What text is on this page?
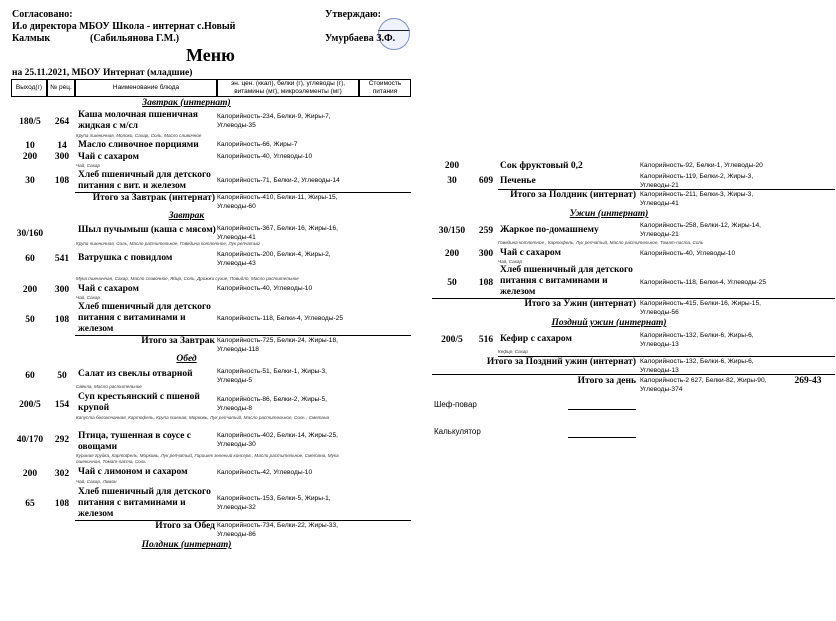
Согласовано:
И.о директора МБОУ Школа - интернат с.Новый
Калмык	(Сабильянова Г.М.)
Утверждаю:
Умурбаева З.Ф.
Меню
на 25.11.2021, МБОУ Интернат (младшие)
Выход(г)	№ рец.	Наименование блюда
эн. цен. (ккал), белки (г), углеводы (г), витамины (мг), микроэлементы (мг)
Стоимость питания
Завтрак (интернат)
180/5	264
Каша молочная пшеничная жидкая с м/сл
Крупа пшеничная, Молоко, Сахар, Соль, Масло сливочное
Калорийность-234, Белки-9, Жиры-7, Углеводы-35
10	14	Масло сливочное порциями	Калорийность-66, Жиры-7
200	300 Чай с сахаром
Чай, Сахар
Калорийность-40, Углеводы-10
30	108
Хлеб пшеничный для детского питания с вит. и железом
Калорийность-71, Белки-2, Углеводы-14
Итого за Завтрак (интернат) Калорийность-410, Белки-11, Жиры-15, Углеводы-60
Завтрак
30/160	Шыл пучымыш (каша с мясом)
Крупа пшеничная, Соль, Масло растительное, Говядина котлетное, Лук репчатый
Калорийность-367, Белки-16, Жиры-16, Углеводы-41
60	541 Ватрушка с повидлом
Мука пшеничная, Сахар, Масло сливочное, Яйцо, Соль, Дрожжи сухие, Повидло, Масло растительное
Калорийность-200, Белки-4, Жиры-2, Углеводы-43
200	300 Чай с сахаром
Чай, Сахар
Калорийность-40, Углеводы-10
50	108
Хлеб пшеничный для детского питания с витаминами и железом
Калорийность-118, Белки-4, Углеводы-25
Итого за Завтрак Калорийность-725, Белки-24, Жиры-18, Углеводы-118
Обед
60	50	Салат из свеклы отварной
Свекла, Масло растительное
Калорийность-51, Белки-1, Жиры-3, Углеводы-5
200/5	154
Суп крестьянский с пшеной крупой
Капуста белокочанная, Картофель, Крупа пшеная, Морковь, Лук репчатый, Масло растительное, Соль , Сметана
Калорийность-86, Белки-2, Жиры-5, Углеводы-8
40/170	292 Птица, тушенная в соусе с овощами
Куриная грудка, Картофель, Морковь, Лук репчатый, Горошек зеленый консерв., Масло растительное, Сметана, Мука пшеничная, Томат-паста, Соль
Калорийность-402, Белки-14, Жиры-25, Углеводы-30
200	302 Чай с лимоном и сахаром
Чай, Сахар, Лимон
Калорийность-42, Углеводы-10
65	108
Хлеб пшеничный для детского питания с витаминами и железом
Калорийность-153, Белки-5, Жиры-1, Углеводы-32
Итого за Обед Калорийность-734, Белки-22, Жиры-33, Углеводы-86
Полдник (интернат)
200	Сок фруктовый 0,2	Калорийность-92, Белки-1, Углеводы-20
30	609 Печенье	Калорийность-119, Белки-2, Жиры-3, Углеводы-21
Итого за Полдник (интернат) Калорийность-211, Белки-3, Жиры-3, Углеводы-41
Ужин (интернат)
30/150	259 Жаркое по-домашнему
Говядина котлетное , Картофель, Лук репчатый, Масло растительное, Томат-паста, Соль
Калорийность-258, Белки-12, Жиры-14, Углеводы-21
200	300 Чай с сахаром
Чай, Сахар
Калорийность-40, Углеводы-10
50	108
Хлеб пшеничный для детского питания с витаминами и железом
Калорийность-118, Белки-4, Углеводы-25
Итого за Ужин (интернат) Калорийность-415, Белки-16, Жиры-15, Углеводы-56
Поздний ужин (интернат)
200/5	516 Кефир с сахаром
Кефир, Сахар
Калорийность-132, Белки-6, Жиры-6, Углеводы-13
Итого за Поздний ужин (интернат) Калорийность-132, Белки-6, Жиры-6, Углеводы-13
Итого за день Калорийность-2 627, Белки-82, Жиры-90, Углеводы-374
269-43
Шеф-повар
Калькулятор
